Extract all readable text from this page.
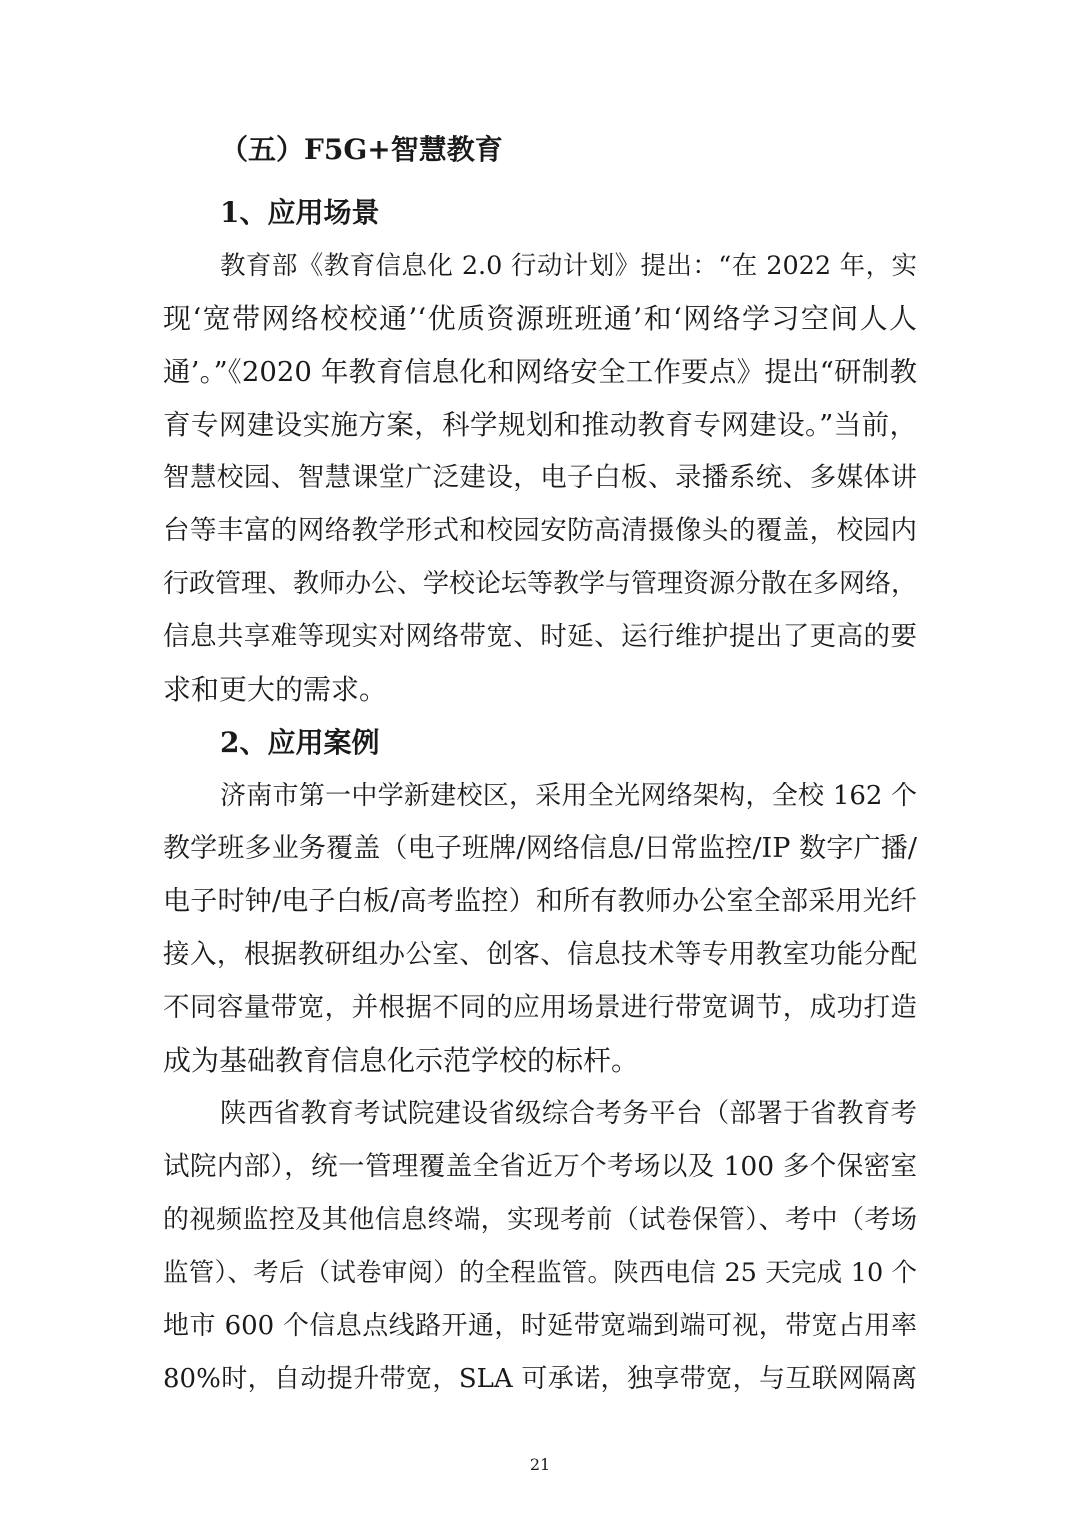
（五）F5G+智慧教育
1、应用场景
教育部《教育信息化 2.0 行动计划》提出：“在 2022 年，实
现‘宽带网络校校通’‘优质资源班班通’和‘网络学习空间人人
通’。”《2020 年教育信息化和网络安全工作要点》提出“研制教
育专网建设实施方案，科学规划和推动教育专网建设。”当前，
智慧校园、智慧课堂广泛建设，电子白板、录播系统、多媒体讲
台等丰富的网络教学形式和校园安防高清摄像头的覆盖，校园内
行政管理、教师办公、学校论坛等教学与管理资源分散在多网络，
信息共享难等现实对网络带宽、时延、运行维护提出了更高的要
求和更大的需求。
2、应用案例
济南市第一中学新建校区，采用全光网络架构，全校 162 个
教学班多业务覆盖（电子班牌/网络信息/日常监控/IP 数字广播/
电子时钟/电子白板/高考监控）和所有教师办公室全部采用光纤
接入，根据教研组办公室、创客、信息技术等专用教室功能分配
不同容量带宽，并根据不同的应用场景进行带宽调节，成功打造
成为基础教育信息化示范学校的标杆。
陕西省教育考试院建设省级综合考务平台（部署于省教育考
试院内部），统一管理覆盖全省近万个考场以及 100 多个保密室
的视频监控及其他信息终端，实现考前（试卷保管）、考中（考场
监管）、考后（试卷审阅）的全程监管。陕西电信 25 天完成 10 个
地市 600 个信息点线路开通，时延带宽端到端可视，带宽占用率
80%时，自动提升带宽，SLA 可承诺，独享带宽，与互联网隔离
21
